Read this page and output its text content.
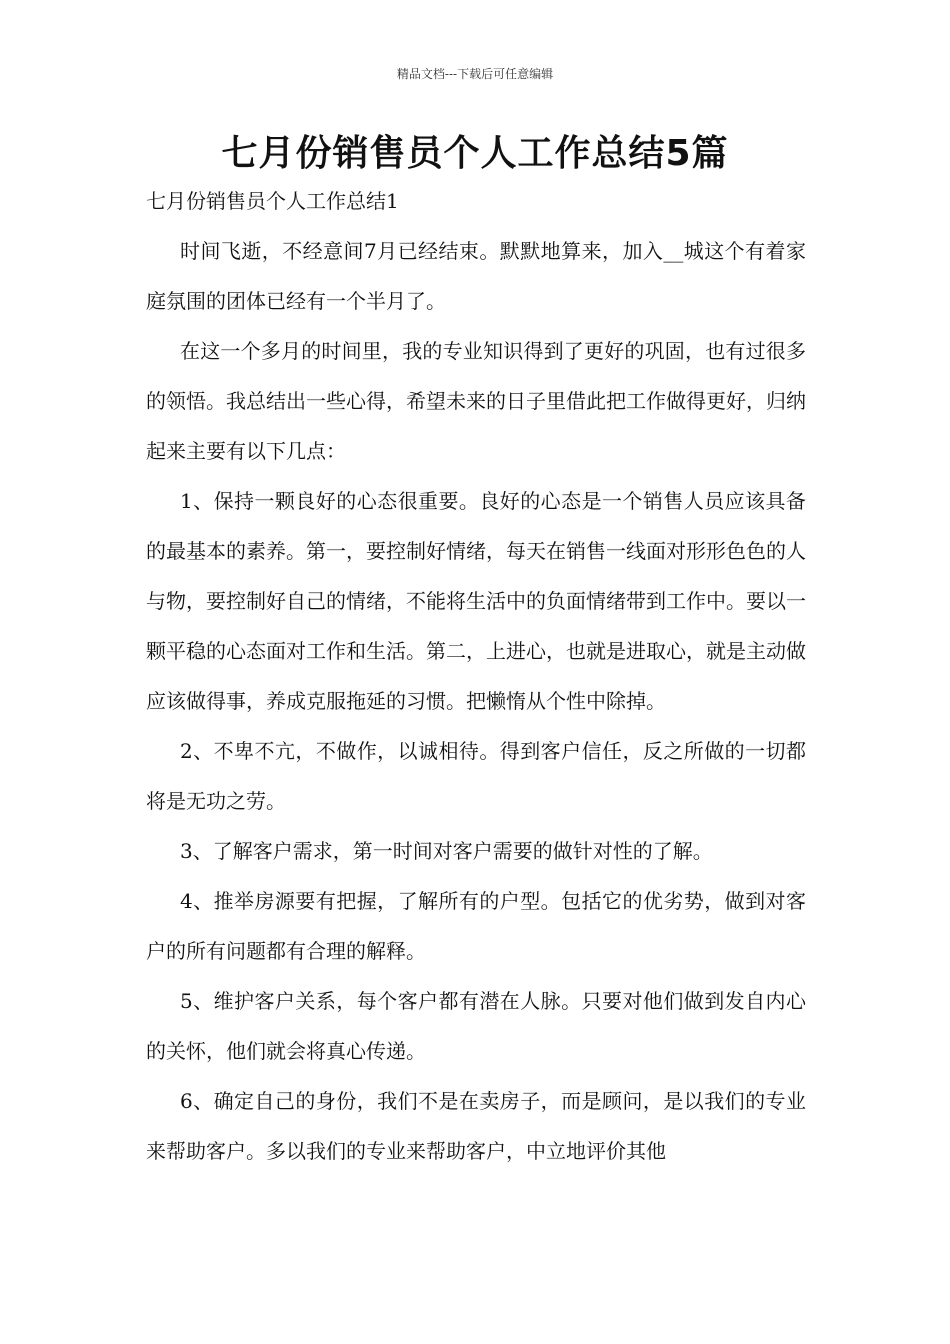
精品文档---下载后可任意编辑
七月份销售员个人工作总结5篇
七月份销售员个人工作总结1

时间飞逝，不经意间7月已经结束。默默地算来，加入__城这个有着家庭氛围的团体已经有一个半月了。

在这一个多月的时间里，我的专业知识得到了更好的巩固，也有过很多的领悟。我总结出一些心得，希望未来的日子里借此把工作做得更好，归纳起来主要有以下几点：

1、保持一颗良好的心态很重要。良好的心态是一个销售人员应该具备的最基本的素养。第一，要控制好情绪，每天在销售一线面对形形色色的人与物，要控制好自己的情绪，不能将生活中的负面情绪带到工作中。要以一颗平稳的心态面对工作和生活。第二，上进心，也就是进取心，就是主动做应该做得事，养成克服拖延的习惯。把懒惰从个性中除掉。

2、不卑不亢，不做作，以诚相待。得到客户信任，反之所做的一切都将是无功之劳。

3、了解客户需求，第一时间对客户需要的做针对性的了解。

4、推举房源要有把握，了解所有的户型。包括它的优劣势，做到对客户的所有问题都有合理的解释。

5、维护客户关系，每个客户都有潜在人脉。只要对他们做到发自内心的关怀，他们就会将真心传递。

6、确定自己的身份，我们不是在卖房子，而是顾问，是以我们的专业来帮助客户。多以我们的专业来帮助客户，中立地评价其他
